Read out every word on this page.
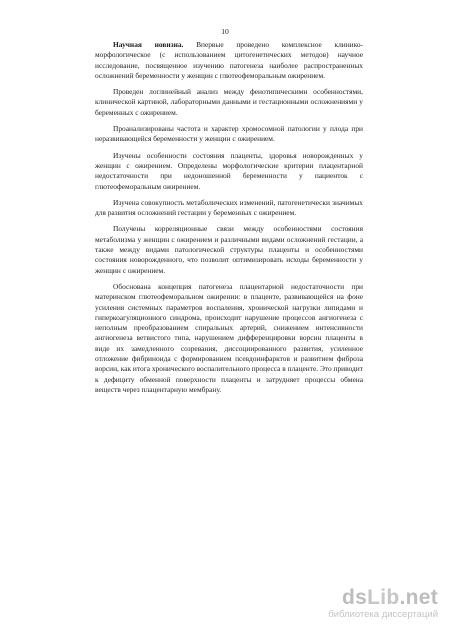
10

Научная новизна. Впервые проведено комплексное клинико-морфологическое (с использованием цитогенетических методов) научное исследование, посвященное изучению патогенеза наиболее распространенных осложнений беременности у женщин с глютеофеморальным ожирением.

Проведен логлинейный анализ между фенотипическими особенностями, клинической картиной, лабораторными данными и гестационными осложнениями у беременных с ожирением.

Проанализированы частота и характер хромосомной патологии у плода при неразвивающейся беременности у женщин с ожирением.

Изучены особенности состояния плаценты, здоровья новорожденных у женщин с ожирением. Определены морфологические критерии плацентарной недостаточности при недоношенной беременности у пациенток с глютеофеморальным ожирением.

Изучена совокупность метаболических изменений, патогенетически значимых для развития осложнений гестации у беременных с ожирением.

Получены корреляционные связи между особенностями состояния метаболизма у женщин с ожирением и различными видами осложнений гестации, а также между видами патологической структуры плаценты и особенностями состояния новорожденного, что позволит оптимизировать исходы беременности у женщин с ожирением.

Обоснована концепция патогенеза плацентарной недостаточности при материнском глютеофеморальном ожирении: в плаценте, развивающейся на фоне усиления системных параметров воспаления, хронической нагрузки липидами и гиперкоагуляционного синдрома, происходит нарушение процессов ангиогенеза с неполным преобразованием спиральных артерий, снижением интенсивности ангиогенеза ветвистого типа, нарушением дифференцировки ворсин плаценты в виде их замедленного созревания, диссоциированного развития, усиленное отложение фибриноида с формированием псевдоинфарктов и развитием фиброза ворсин, как итога хронического воспалительного процесса в плаценте. Это приводит к дефициту обменной поверхности плаценты и затрудняет процессы обмена веществ через плацентарную мембрану.

dsLib.net
библиотека диссертаций
